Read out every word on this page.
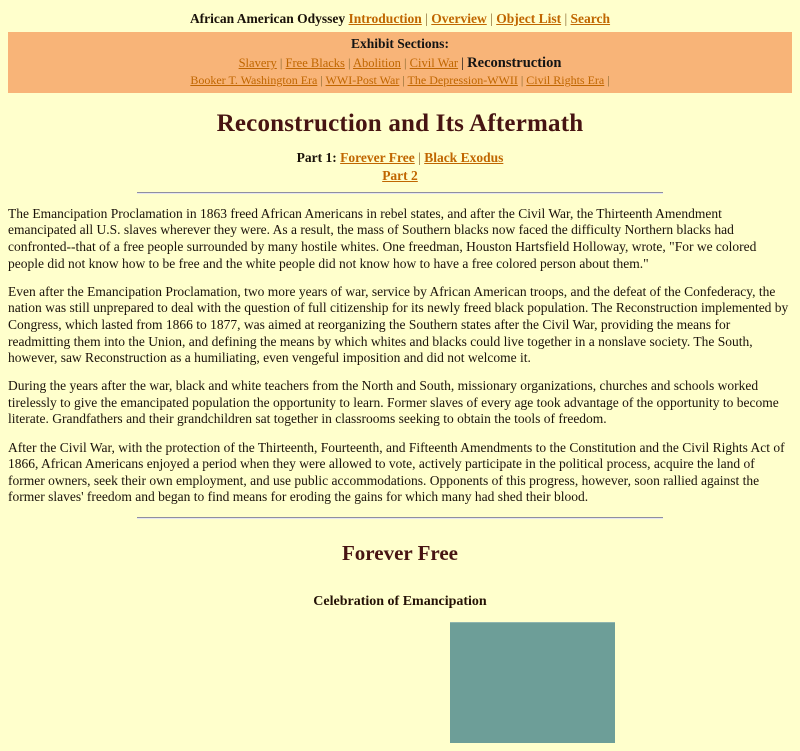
African American Odyssey Introduction | Overview | Object List | Search
Exhibit Sections:
Slavery | Free Blacks | Abolition | Civil War | Reconstruction
Booker T. Washington Era | WWI-Post War | The Depression-WWII | Civil Rights Era |
Reconstruction and Its Aftermath
Part 1: Forever Free | Black Exodus
Part 2

The Emancipation Proclamation in 1863 freed African Americans in rebel states, and after the Civil War, the Thirteenth Amendment emancipated all U.S. slaves wherever they were. As a result, the mass of Southern blacks now faced the difficulty Northern blacks had confronted--that of a free people surrounded by many hostile whites. One freedman, Houston Hartsfield Holloway, wrote, "For we colored people did not know how to be free and the white people did not know how to have a free colored person about them."

Even after the Emancipation Proclamation, two more years of war, service by African American troops, and the defeat of the Confederacy, the nation was still unprepared to deal with the question of full citizenship for its newly freed black population. The Reconstruction implemented by Congress, which lasted from 1866 to 1877, was aimed at reorganizing the Southern states after the Civil War, providing the means for readmitting them into the Union, and defining the means by which whites and blacks could live together in a nonslave society. The South, however, saw Reconstruction as a humiliating, even vengeful imposition and did not welcome it.

During the years after the war, black and white teachers from the North and South, missionary organizations, churches and schools worked tirelessly to give the emancipated population the opportunity to learn. Former slaves of every age took advantage of the opportunity to become literate. Grandfathers and their grandchildren sat together in classrooms seeking to obtain the tools of freedom.

After the Civil War, with the protection of the Thirteenth, Fourteenth, and Fifteenth Amendments to the Constitution and the Civil Rights Act of 1866, African Americans enjoyed a period when they were allowed to vote, actively participate in the political process, acquire the land of former owners, seek their own employment, and use public accommodations. Opponents of this progress, however, soon rallied against the former slaves' freedom and began to find means for eroding the gains for which many had shed their blood.

Forever Free
Celebration of Emancipation
